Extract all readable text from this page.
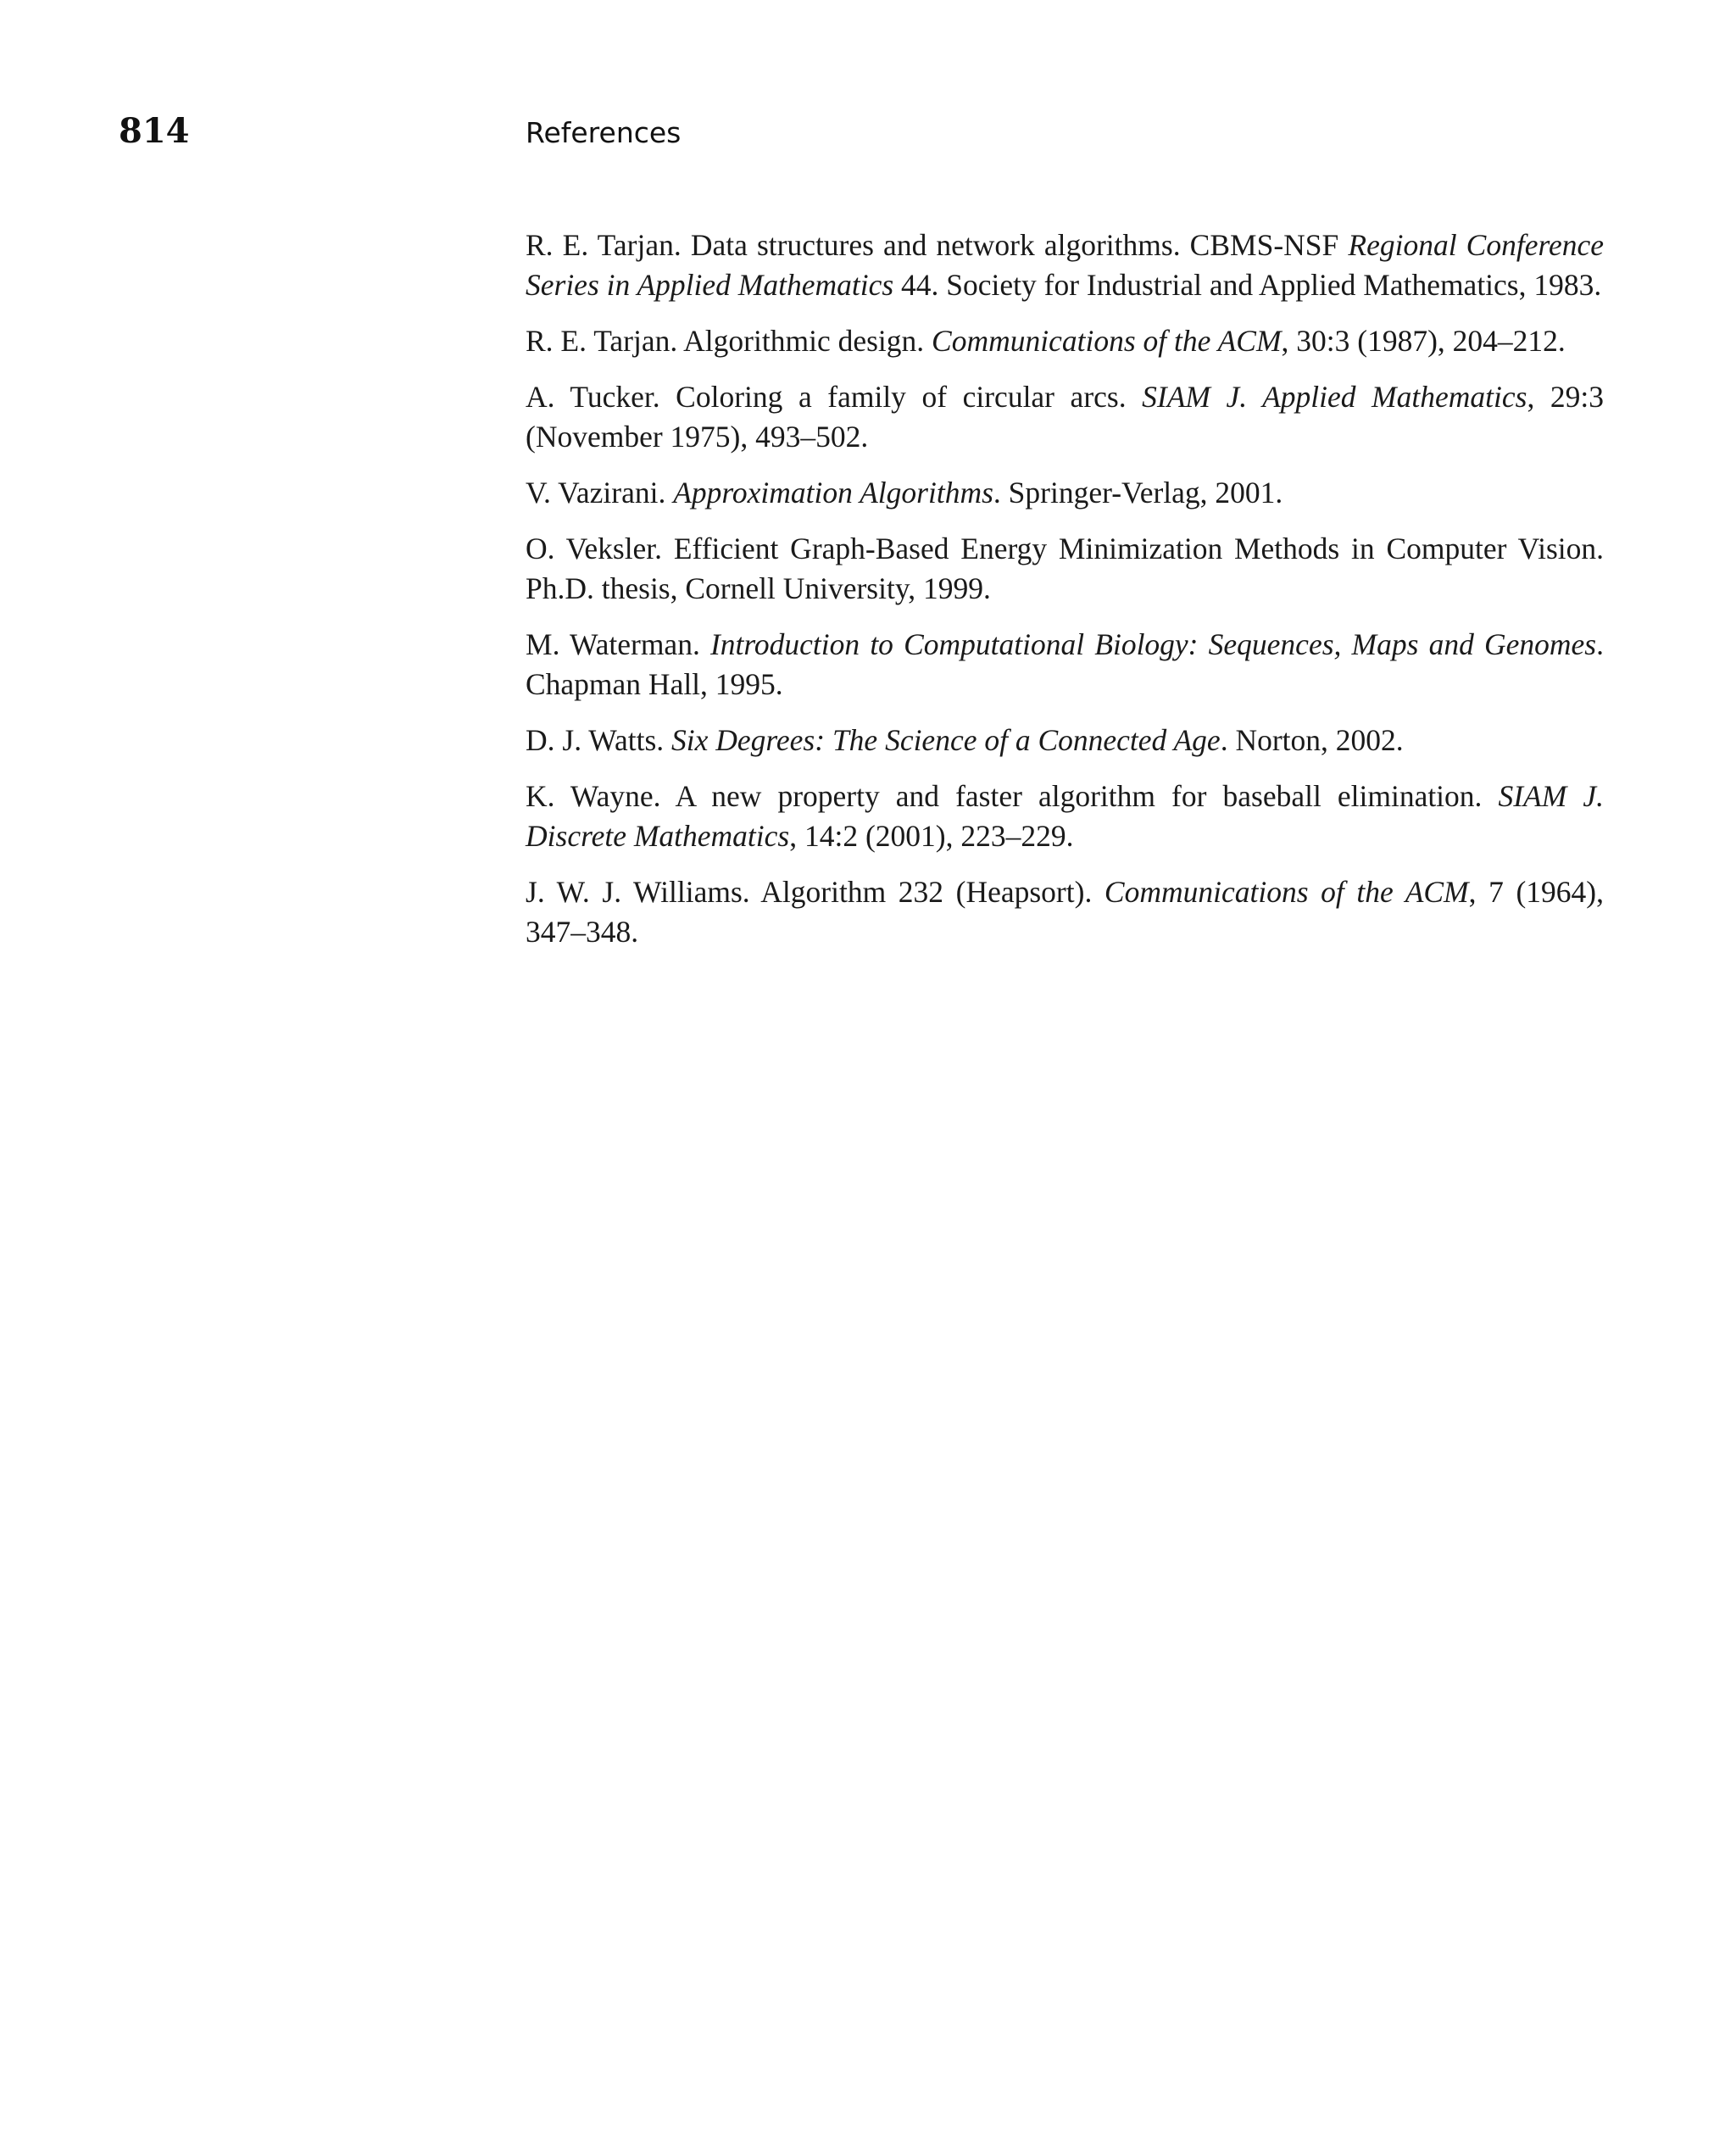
814	References
R. E. Tarjan. Data structures and network algorithms. CBMS-NSF Regional Conference Series in Applied Mathematics 44. Society for Industrial and Applied Mathematics, 1983.
R. E. Tarjan. Algorithmic design. Communications of the ACM, 30:3 (1987), 204–212.
A. Tucker. Coloring a family of circular arcs. SIAM J. Applied Mathematics, 29:3 (November 1975), 493–502.
V. Vazirani. Approximation Algorithms. Springer-Verlag, 2001.
O. Veksler. Efficient Graph-Based Energy Minimization Methods in Computer Vision. Ph.D. thesis, Cornell University, 1999.
M. Waterman. Introduction to Computational Biology: Sequences, Maps and Genomes. Chapman Hall, 1995.
D. J. Watts. Six Degrees: The Science of a Connected Age. Norton, 2002.
K. Wayne. A new property and faster algorithm for baseball elimination. SIAM J. Discrete Mathematics, 14:2 (2001), 223–229.
J. W. J. Williams. Algorithm 232 (Heapsort). Communications of the ACM, 7 (1964), 347–348.
